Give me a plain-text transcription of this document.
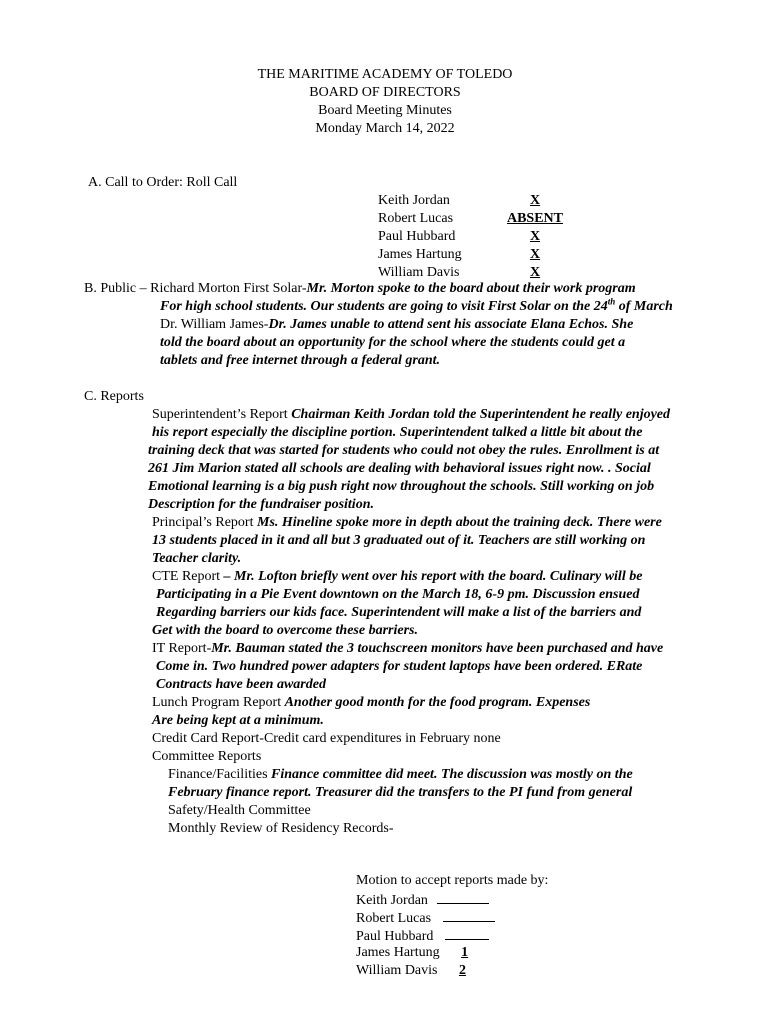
THE MARITIME ACADEMY OF TOLEDO
BOARD OF DIRECTORS
Board Meeting Minutes
Monday March 14, 2022
A. Call to Order: Roll Call
Keith Jordan	X
Robert Lucas	ABSENT
Paul Hubbard	X
James Hartung	X
William Davis	X
B. Public – Richard Morton First Solar-Mr. Morton spoke to the board about their work program
For high school students. Our students are going to visit First Solar on the 24th of March
Dr. William James-Dr. James unable to attend sent his associate Elana Echos. She
told the board about an opportunity for the school where the students could get a
tablets and free internet through a federal grant.
C. Reports
Superintendent’s Report Chairman Keith Jordan told the Superintendent he really enjoyed
his report especially the discipline portion. Superintendent talked a little bit about the
training deck that was started for students who could not obey the rules. Enrollment is at
261 Jim Marion stated all schools are dealing with behavioral issues right now. . Social
Emotional learning is a big push right now throughout the schools. Still working on job
Description for the fundraiser position.
Principal’s Report Ms. Hineline spoke more in depth about the training deck. There were
13 students placed in it and all but 3 graduated out of it. Teachers are still working on
Teacher clarity.
CTE Report – Mr. Lofton briefly went over his report with the board. Culinary will be
Participating in a Pie Event downtown on the March 18, 6-9 pm. Discussion ensued
Regarding barriers our kids face. Superintendent will make a list of the barriers and
Get with the board to overcome these barriers.
IT Report-Mr. Bauman stated the 3 touchscreen monitors have been purchased and have
Come in. Two hundred power adapters for student laptops have been ordered. ERate
Contracts have been awarded
Lunch Program Report Another good month for the food program. Expenses
Are being kept at a minimum.
Credit Card Report-Credit card expenditures in February none
Committee Reports
Finance/Facilities Finance committee did meet. The discussion was mostly on the
February finance report. Treasurer did the transfers to the PI fund from general
Safety/Health Committee
Monthly Review of Residency Records-
Motion to accept reports made by:
Keith Jordan
Robert Lucas
Paul Hubbard
James Hartung 1
William Davis 2
